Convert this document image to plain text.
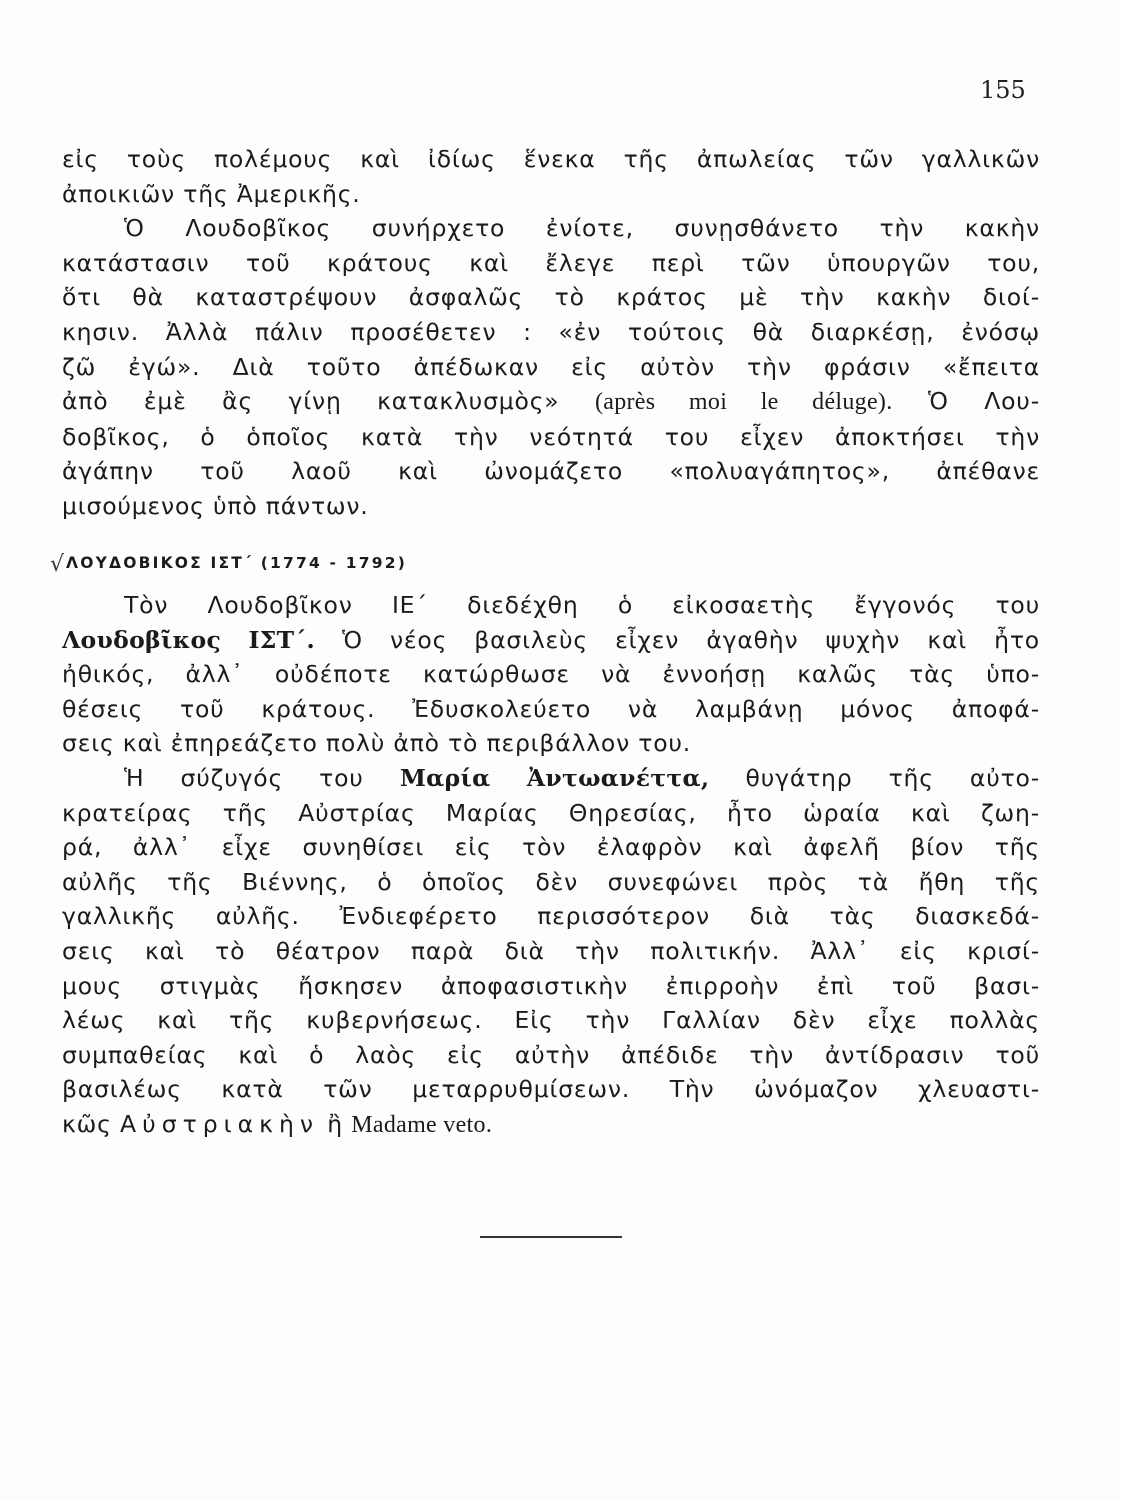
155
εἰς τοὺς πολέμους καὶ ἰδίως ἕνεκα τῆς ἀπωλείας τῶν γαλλικῶν
ἀποικιῶν τῆς Ἀμερικῆς.
Ὁ Λουδοβῖκος συνήρχετο ἐνίοτε, συνῃσθάνετο τὴν κακὴν
κατάστασιν τοῦ κράτους καὶ ἔλεγε περὶ τῶν ὑπουργῶν του,
ὅτι θὰ καταστρέψουν ἀσφαλῶς τὸ κράτος μὲ τὴν κακὴν διοί-
κησιν. Ἀλλὰ πάλιν προσέθετεν : «ἐν τούτοις θὰ διαρκέσῃ, ἐνόσῳ
ζῶ ἐγώ». Διὰ τοῦτο ἀπέδωκαν εἰς αὐτὸν τὴν φράσιν «ἔπειτα
ἀπὸ ἐμὲ ἂς γίνῃ κατακλυσμὸς» (après moi le déluge). Ὁ Λου-
δοβῖκος, ὁ ὁποῖος κατὰ τὴν νεότητά του εἶχεν ἀποκτήσει τὴν
ἀγάπην τοῦ λαοῦ καὶ ὠνομάζετο «πολυαγάπητος», ἀπέθανε
μισούμενος ὑπὸ πάντων.
√ ΛΟΥΔΟΒΙΚΟΣ ΙΣΤ΄ (1774 - 1792)
Τὸν Λουδοβῖκον ΙΕ΄ διεδέχθη ὁ εἰκοσαετὴς ἔγγονός του
Λουδοβῖκος ΙΣΤ΄. Ὁ νέος βασιλεὺς εἶχεν ἀγαθὴν ψυχὴν καὶ ἦτο
ἠθικός, ἀλλ᾽ οὐδέποτε κατώρθωσε νὰ ἐννοήσῃ καλῶς τὰς ὑπο-
θέσεις τοῦ κράτους. Ἐδυσκολεύετο νὰ λαμβάνῃ μόνος ἀποφά-
σεις καὶ ἐπηρεάζετο πολὺ ἀπὸ τὸ περιβάλλον του.
Ἡ σύζυγός του Μαρία Ἀντωανέττα, θυγάτηρ τῆς αὐτο-
κρατείρας τῆς Αὐστρίας Μαρίας Θηρεσίας, ἦτο ὡραία καὶ ζωη-
ρά, ἀλλ᾽ εἶχε συνηθίσει εἰς τὸν ἐλαφρὸν καὶ ἀφελῆ βίον τῆς
αὐλῆς τῆς Βιέννης, ὁ ὁποῖος δὲν συνεφώνει πρὸς τὰ ἤθη τῆς
γαλλικῆς αὐλῆς. Ἐνδιεφέρετο περισσότερον διὰ τὰς διασκεδά-
σεις καὶ τὸ θέατρον παρὰ διὰ τὴν πολιτικήν. Ἀλλ᾽ εἰς κρισί-
μους στιγμὰς ἤσκησεν ἀποφασιστικὴν ἐπιρροὴν ἐπὶ τοῦ βασι-
λέως καὶ τῆς κυβερνήσεως. Εἰς τὴν Γαλλίαν δὲν εἶχε πολλὰς
συμπαθείας καὶ ὁ λαὸς εἰς αὐτὴν ἀπέδιδε τὴν ἀντίδρασιν τοῦ
βασιλέως κατὰ τῶν μεταρρυθμίσεων. Τὴν ὠνόμαζον χλευαστι-
κῶς Αὐστριακὴν ἢ Madame veto.
